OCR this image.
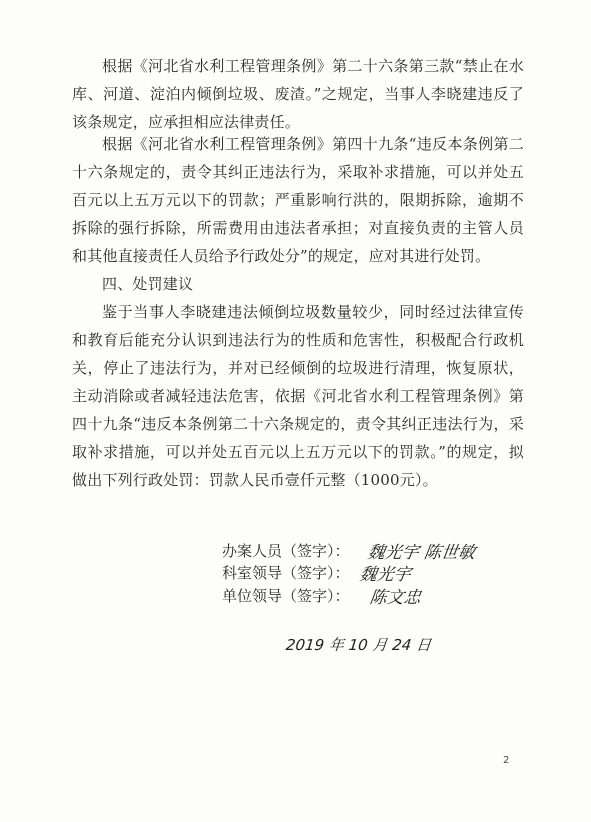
根据《河北省水利工程管理条例》第二十六条第三款“禁止在水库、河道、淀泊内倾倒垃圾、废渣。”之规定，当事人李晓建违反了该条规定，应承担相应法律责任。

根据《河北省水利工程管理条例》第四十九条“违反本条例第二十六条规定的，责令其纠正违法行为，采取补求措施，可以并处五百元以上五万元以下的罚款；严重影响行洪的，限期拆除，逾期不拆除的强行拆除，所需费用由违法者承担；对直接负责的主管人员和其他直接责任人员给予行政处分”的规定，应对其进行处罚。

四、处罚建议

鉴于当事人李晓建违法倾倒垃圾数量较少，同时经过法律宣传和教育后能充分认识到违法行为的性质和危害性，积极配合行政机关，停止了违法行为，并对已经倾倒的垃圾进行清理，恢复原状，主动消除或者减轻违法危害，依据《河北省水利工程管理条例》第四十九条“违反本条例第二十六条规定的，责令其纠正违法行为，采取补求措施，可以并处五百元以上五万元以下的罚款。”的规定，拟做出下列行政处罚：罚款人民币壹仟元整（1000元）。

办案人员（签字）：
科室领导（签字）：
单位领导（签字）：
魏光宇 陈世敏
魏光宇
陈文忠
2019 年 10 月 24 日
2
